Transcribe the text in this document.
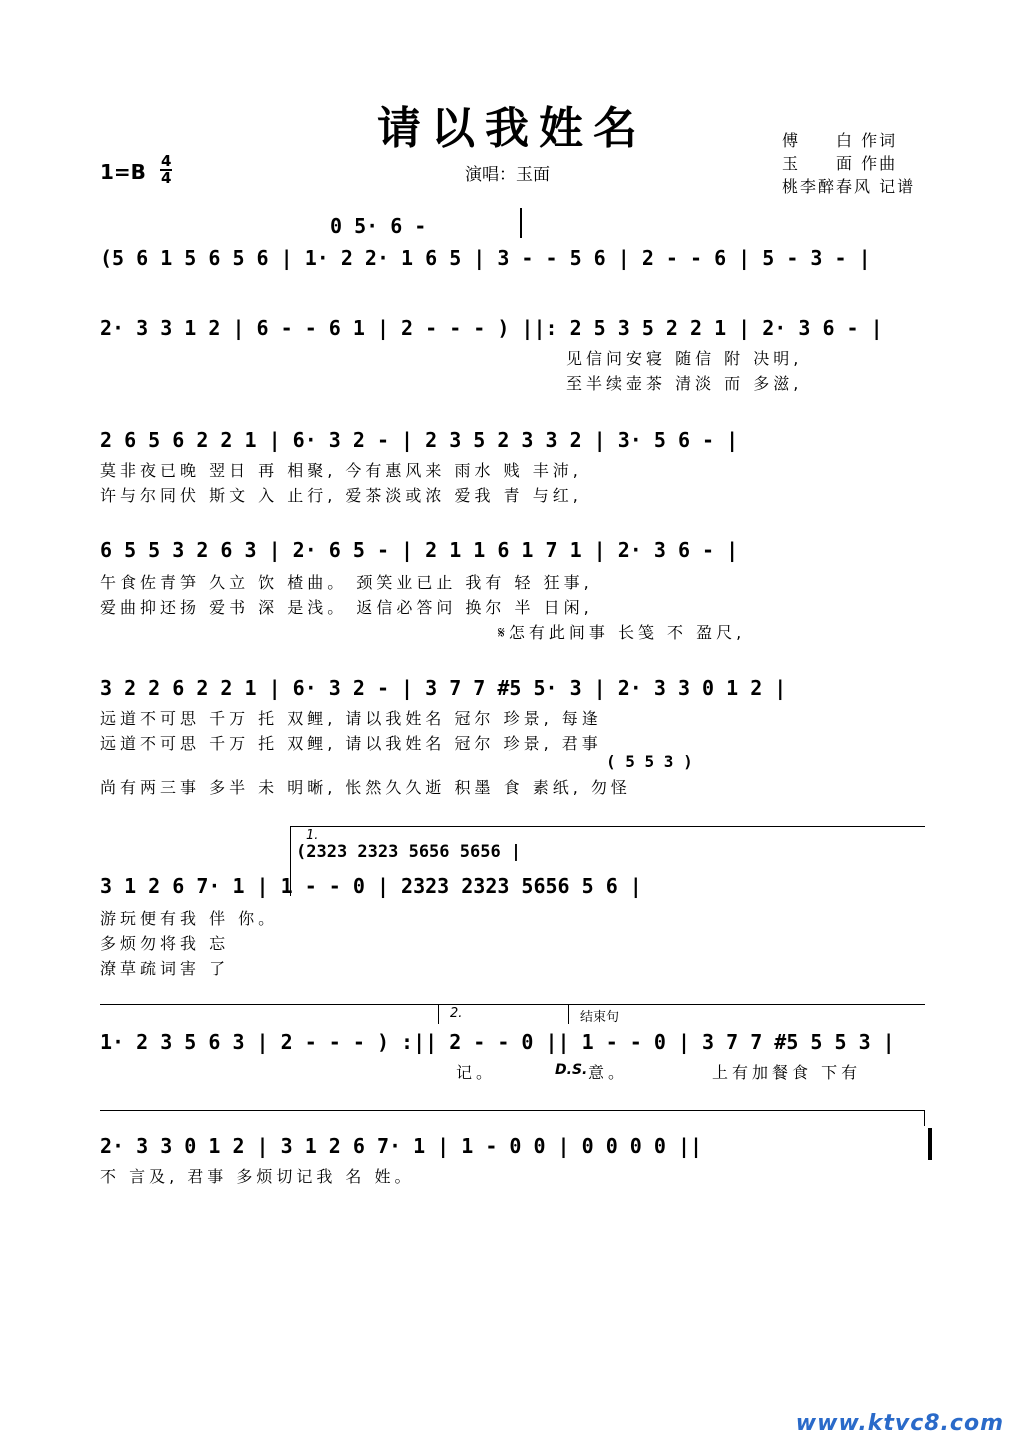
请以我姓名
$1=B \frac{4}{4}$	演唱：玉面
傅　　白 作词
玉　　面 作曲
桃李醉春风 记谱
0 5· 6 -
(5 6 1 5 6 5 6 | 1· 2 2· 1 6 5 | 3 - - 5 6 | 2 - - 6 | 5 - 3 - |
2· 3 3 1 2 | 6 - - 6 1 | 2 - - - ) ||: 2 5 3 5 2 2 1 | 2· 3 6 - |
见信问安寝 随信 附 决明,
至半续壶茶 清淡 而 多滋,
2 6 5 6 2 2 1 | 6· 3 2 - | 2 3 5 2 3 3 2 | 3· 5 6 - |
莫非夜已晚 翌日 再 相聚, 今有惠风来 雨水 贱 丰沛,
许与尔同伏 斯文 入 止行, 爱茶淡或浓 爱我 青 与红,
6 5 5 3 2 6 3 | 2· 6 5 - | 2 1 1 6 1 7 1 | 2· 3 6 - |
午食佐青笋 久立 饮 楂曲。 颈笑业已止 我有 轻 狂事,
爱曲抑还扬 爱书 深 是浅。 返信必答问 换尔 半 日闲,
𝄋怎有此间事 长笺 不 盈尺,
3 2 2 6 2 2 1 | 6· 3 2 - | 3 7 7 #5 5· 3 | 2· 3 3 0 1 2 |
远道不可思 千万 托 双鲤, 请以我姓名 冠尔 珍景, 每逢
远道不可思 千万 托 双鲤, 请以我姓名 冠尔 珍景, 君事
( 5 5 3 )
尚有两三事 多半 未 明晰, 怅然久久逝 积墨 食 素纸, 勿怪
1.
(2323 2323 5656 5656 |
3 1 2 6 7· 1 | 1 - - 0 | 2323 2323 5656 5 6 |
游玩便有我 伴 你。
多烦勿将我 忘
潦草疏词害 了
2.	结束句
1· 2 3 5 6 3 | 2 - - - ) :|| 2 - - 0 || 1 - - 0 | 3 7 7 #5 5 5 3 |
记。	D.S. 意。	上有加餐食 下有
2· 3 3 0 1 2 | 3 1 2 6 7· 1 | 1 - 0 0 | 0 0 0 0 ||
不 言及, 君事 多烦切记我 名 姓。
www.ktvc8.com
